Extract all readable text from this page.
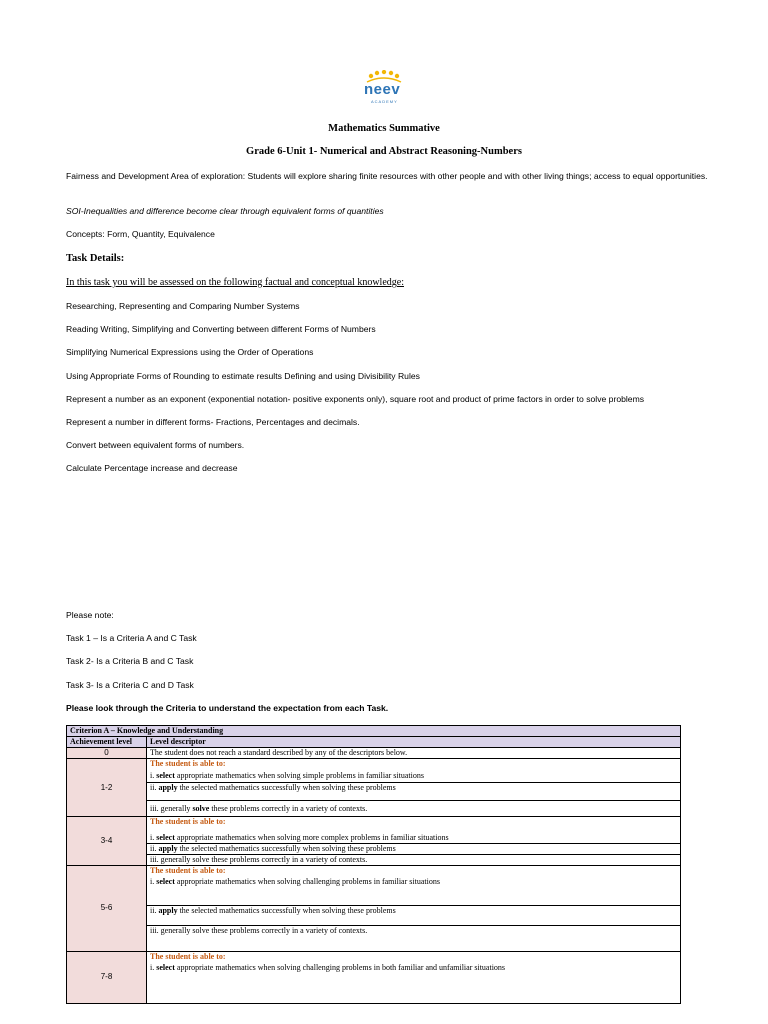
neev
ACADEMY
Mathematics Summative
Grade 6-Unit 1- Numerical and Abstract Reasoning-Numbers
Fairness and Development Area of exploration: Students will explore sharing finite resources with other people and with other living things; access to equal opportunities.
SOI-Inequalities and difference become clear through equivalent forms of quantities
Concepts: Form, Quantity, Equivalence
Task Details:
In this task you will be assessed on the following factual and conceptual knowledge:
Researching, Representing and Comparing Number Systems
Reading Writing, Simplifying and Converting between different Forms of Numbers
Simplifying Numerical Expressions using the Order of Operations
Using Appropriate Forms of Rounding to estimate results Defining and using Divisibility Rules
Represent a number as an exponent (exponential notation- positive exponents only), square root and product of prime factors in order to solve problems
Represent a number in different forms- Fractions, Percentages and decimals.
Convert between equivalent forms of numbers.
Calculate Percentage increase and decrease
Please note:
Task 1 – Is a Criteria A and C Task
Task 2- Is a Criteria B and C Task
Task 3- Is a Criteria C and D Task
Please look through the Criteria to understand the expectation from each Task.
Criterion A – Knowledge and Understanding	
Achievement level	Level descriptor
0	The student does not reach a standard described by any of the descriptors below.
1-2	The student is able to:
	i. select appropriate mathematics when solving simple problems in familiar situations
	ii. apply the selected mathematics successfully when solving these problems
	iii. generally solve these problems correctly in a variety of contexts.
3-4	The student is able to:
	i. select appropriate mathematics when solving more complex problems in familiar situations
	ii. apply the selected mathematics successfully when solving these problems
	iii. generally solve these problems correctly in a variety of contexts.
5-6	The student is able to:
	i. select appropriate mathematics when solving challenging problems in familiar situations
	ii. apply the selected mathematics successfully when solving these problems
	iii. generally solve these problems correctly in a variety of contexts.
7-8	The student is able to:
	i. select appropriate mathematics when solving challenging problems in both familiar and unfamiliar situations
